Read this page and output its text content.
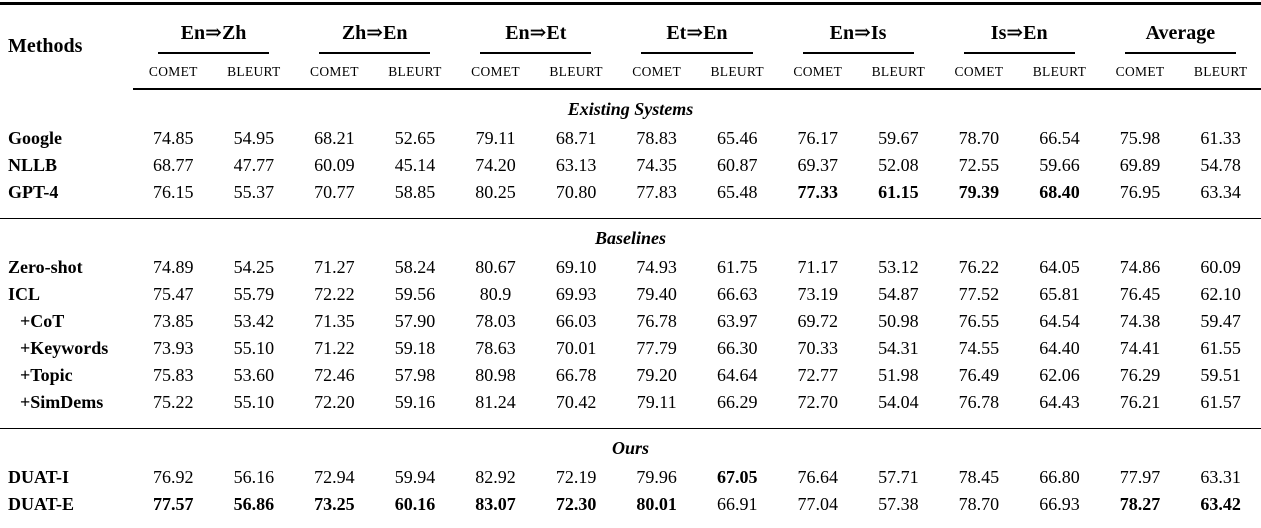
Methods	En⇒Zh		Zh⇒En		En⇒Et		Et⇒En		En⇒Is		Is⇒En		Average	

	COMET	BLEURT	COMET	BLEURT	COMET	BLEURT	COMET	BLEURT	COMET	BLEURT	COMET	BLEURT	COMET	BLEURT
Existing Systems														
Google	74.85	54.95	68.21	52.65	79.11	68.71	78.83	65.46	76.17	59.67	78.70	66.54	75.98	61.33
NLLB	68.77	47.77	60.09	45.14	74.20	63.13	74.35	60.87	69.37	52.08	72.55	59.66	69.89	54.78
GPT-4	76.15	55.37	70.77	58.85	80.25	70.80	77.83	65.48	77.33	61.15	79.39	68.40	76.95	63.34
Baselines														
Zero-shot	74.89	54.25	71.27	58.24	80.67	69.10	74.93	61.75	71.17	53.12	76.22	64.05	74.86	60.09
ICL	75.47	55.79	72.22	59.56	80.9	69.93	79.40	66.63	73.19	54.87	77.52	65.81	76.45	62.10
+CoT	73.85	53.42	71.35	57.90	78.03	66.03	76.78	63.97	69.72	50.98	76.55	64.54	74.38	59.47
+Keywords	73.93	55.10	71.22	59.18	78.63	70.01	77.79	66.30	70.33	54.31	74.55	64.40	74.41	61.55
+Topic	75.83	53.60	72.46	57.98	80.98	66.78	79.20	64.64	72.77	51.98	76.49	62.06	76.29	59.51
+SimDems	75.22	55.10	72.20	59.16	81.24	70.42	79.11	66.29	72.70	54.04	76.78	64.43	76.21	61.57
Ours														
DUAT-I	76.92	56.16	72.94	59.94	82.92	72.19	79.96	67.05	76.64	57.71	78.45	66.80	77.97	63.31
DUAT-E	77.57	56.86	73.25	60.16	83.07	72.30	80.01	66.91	77.04	57.38	78.70	66.93	78.27	63.42
